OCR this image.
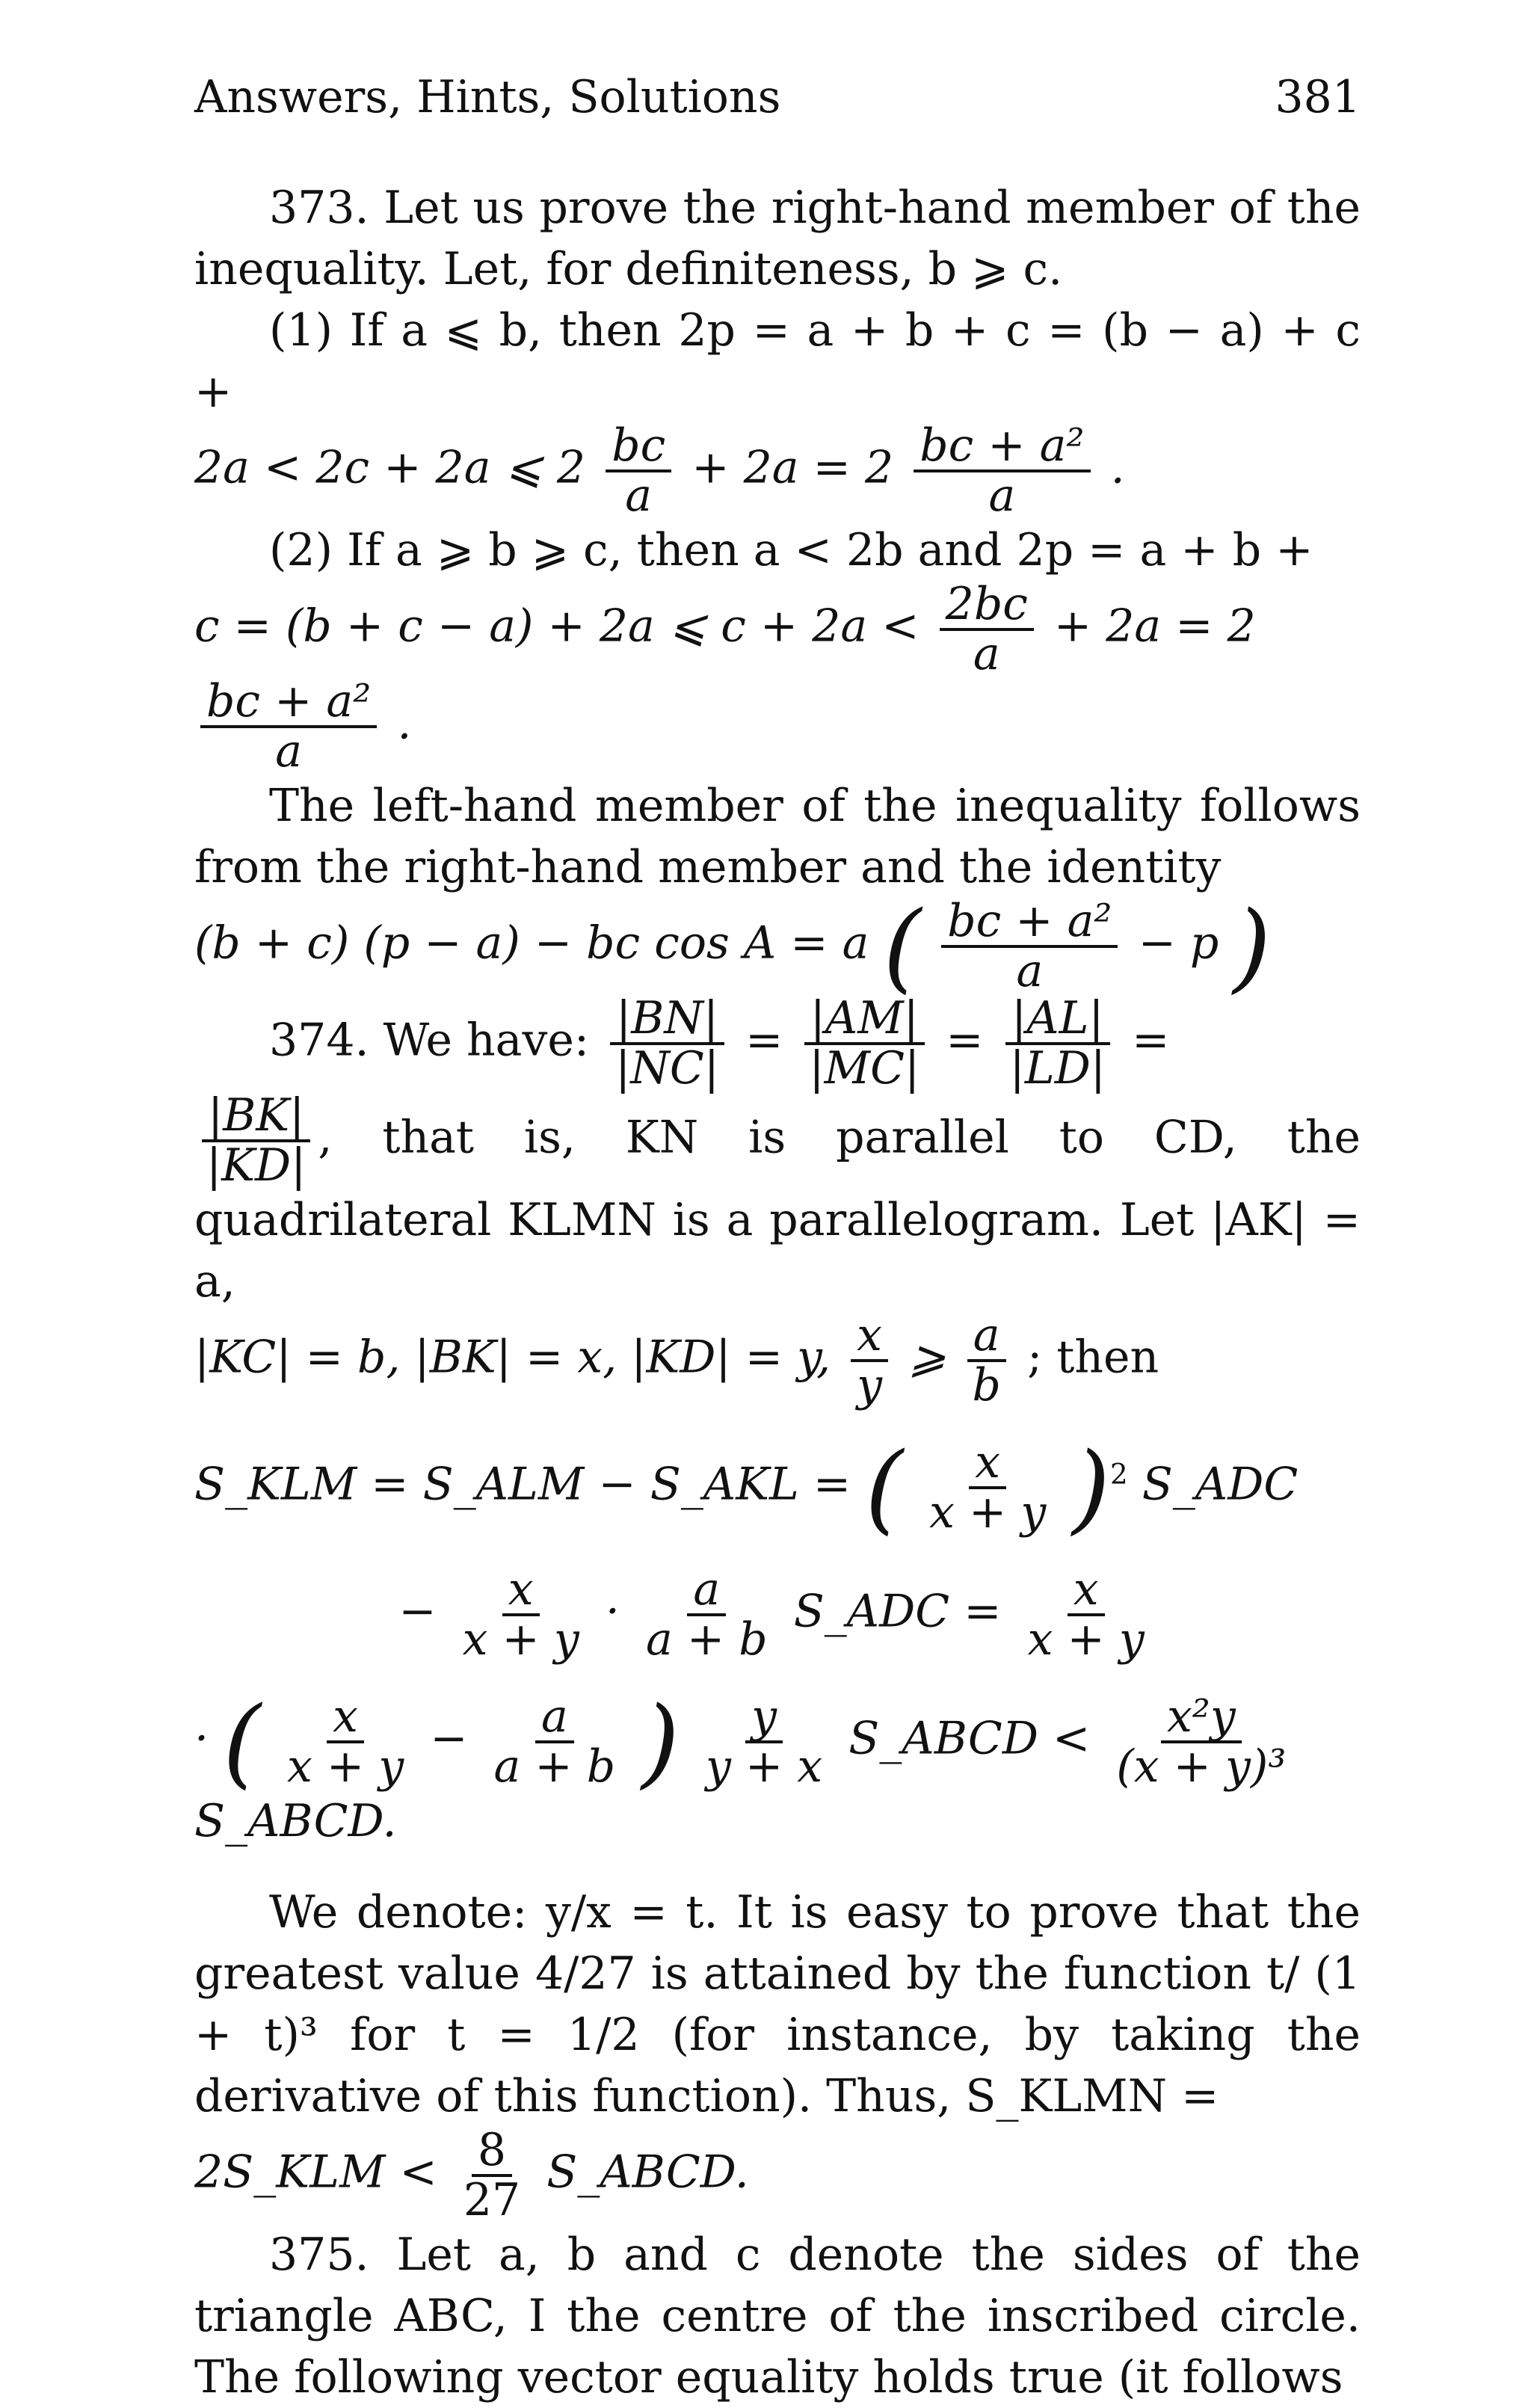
Answers, Hints, Solutions	381

373. Let us prove the right-hand member of the inequality. Let, for definiteness, b ⩾ c.

(1) If a ⩽ b, then 2p = a + b + c = (b − a) + c +

2a < 2c + 2a ⩽ $2 \frac{bc}{a} + 2a = 2 \frac{\text{bc + a²}}{a}$ .

(2) If a ⩾ b ⩾ c, then a < 2b and 2p = a + b +

c = (b + c − a) + 2a ⩽ $c + 2a < \frac{2bc}{a} + 2a = 2$
$\frac{\text{bc + a²}}{a}$ .

The left-hand member of the inequality follows from the right-hand member and the identity

(b + c) (p − a) − bc cos A = a ( $\frac{\text{bc + a²}}{a} - p$ )
374. We have: $\frac{|BN|}{|NC|} = \frac{|AM|}{|MC|} = \frac{|AL|}{|LD|}$ =
$\frac{|BK|}{|KD|}$ , that is, KN is parallel to CD, the quadrilateral KLMN is a parallelogram. Let |AK| = a,
|KC| = b, |BK| = x, |KD| = y, $\frac{x}{y}$ ⩾ $\frac{a}{b}$ ; then
S_KLM = S_ALM − S_AKL = ( $\frac{x}{x + y} )^2$ S_ADC
− $\frac{x}{x + y} \cdot \frac{a}{a + b}$ S_ADC = $\frac{x}{x + y}$
· ( $\frac{x}{x + y} - \frac{a}{a + b}$ ) $\frac{y}{y + x}$ S_ABCD < $\frac{\text{x²y}}{\text{(x + y)³}}$
S_ABCD.

We denote: y/x = t. It is easy to prove that the greatest value 4/27 is attained by the function t/ (1 + t)³ for t = 1/2 (for instance, by taking the derivative of this function). Thus, S_KLMN =

2S_KLM < $\frac{8}{27}$ S_ABCD.

375. Let a, b and c denote the sides of the triangle ABC, I the centre of the inscribed circle. The following vector equality holds true (it follows
